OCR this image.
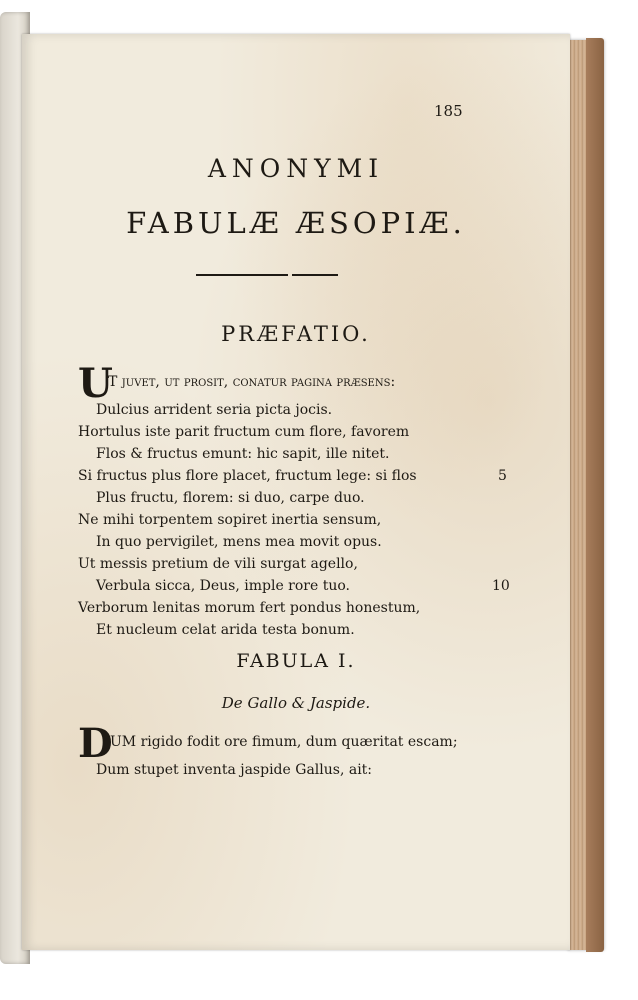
185
ANONYMI
FABULÆ ÆSOPIÆ.
PRÆFATIO.
U
T juvet, ut prosit, conatur pagina præsens:
Dulcius arrident seria picta jocis.
Hortulus iste parit fructum cum flore, favorem
Flos & fructus emunt: hic sapit, ille nitet.
Si fructus plus flore placet, fructum lege: si flos	5
Plus fructu, florem: si duo, carpe duo.
Ne mihi torpentem sopiret inertia sensum,
In quo pervigilet, mens mea movit opus.
Ut messis pretium de vili surgat agello,
Verbula sicca, Deus, imple rore tuo.	10
Verborum lenitas morum fert pondus honestum,
Et nucleum celat arida testa bonum.
FABULA I.
De Gallo & Jaspide.
D
UM rigido fodit ore fimum, dum quæritat escam;
Dum stupet inventa jaspide Gallus, ait:
